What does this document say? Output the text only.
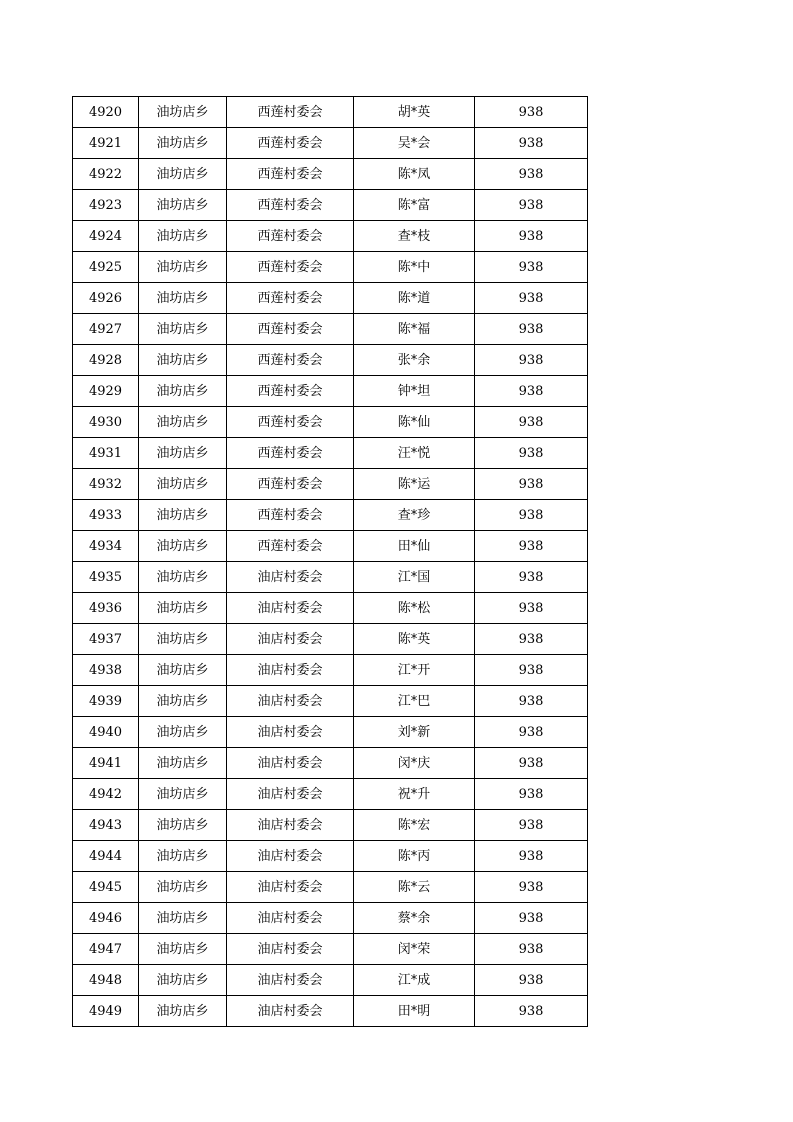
4920	油坊店乡	西莲村委会	胡*英	938
4921	油坊店乡	西莲村委会	吴*会	938
4922	油坊店乡	西莲村委会	陈*凤	938
4923	油坊店乡	西莲村委会	陈*富	938
4924	油坊店乡	西莲村委会	查*枝	938
4925	油坊店乡	西莲村委会	陈*中	938
4926	油坊店乡	西莲村委会	陈*道	938
4927	油坊店乡	西莲村委会	陈*福	938
4928	油坊店乡	西莲村委会	张*余	938
4929	油坊店乡	西莲村委会	钟*坦	938
4930	油坊店乡	西莲村委会	陈*仙	938
4931	油坊店乡	西莲村委会	汪*悦	938
4932	油坊店乡	西莲村委会	陈*运	938
4933	油坊店乡	西莲村委会	查*珍	938
4934	油坊店乡	西莲村委会	田*仙	938
4935	油坊店乡	油店村委会	江*国	938
4936	油坊店乡	油店村委会	陈*松	938
4937	油坊店乡	油店村委会	陈*英	938
4938	油坊店乡	油店村委会	江*开	938
4939	油坊店乡	油店村委会	江*巴	938
4940	油坊店乡	油店村委会	刘*新	938
4941	油坊店乡	油店村委会	闵*庆	938
4942	油坊店乡	油店村委会	祝*升	938
4943	油坊店乡	油店村委会	陈*宏	938
4944	油坊店乡	油店村委会	陈*丙	938
4945	油坊店乡	油店村委会	陈*云	938
4946	油坊店乡	油店村委会	蔡*余	938
4947	油坊店乡	油店村委会	闵*荣	938
4948	油坊店乡	油店村委会	江*成	938
4949	油坊店乡	油店村委会	田*明	938
